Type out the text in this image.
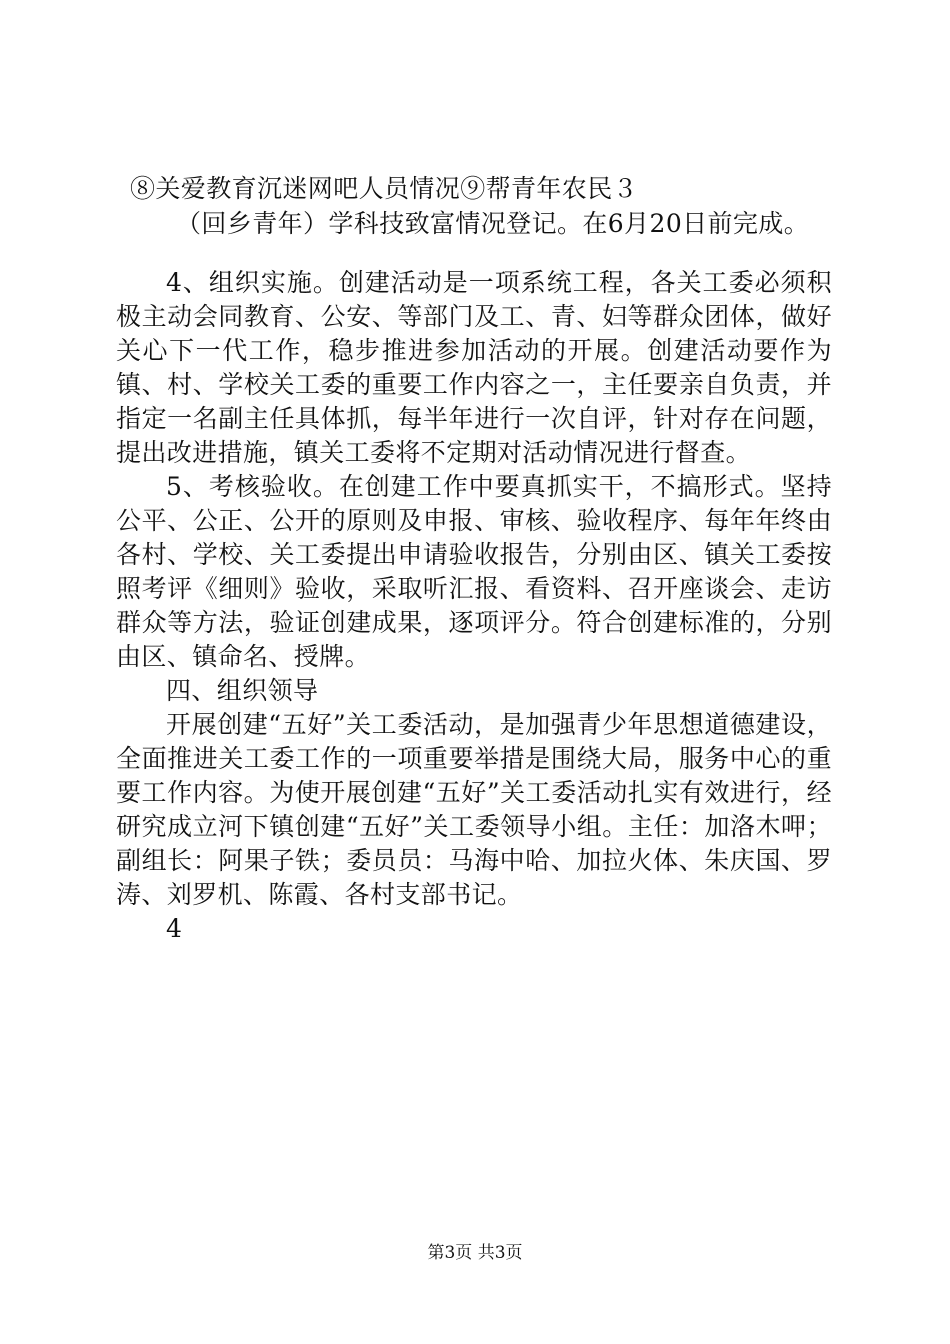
⑧关爱教育沉迷网吧人员情况⑨帮青年农民３
（回乡青年）学科技致富情况登记。在6月20日前完成。

4、组织实施。创建活动是一项系统工程，各关工委必须积极主动会同教育、公安、等部门及工、青、妇等群众团体，做好关心下一代工作，稳步推进参加活动的开展。创建活动要作为镇、村、学校关工委的重要工作内容之一，主任要亲自负责，并指定一名副主任具体抓，每半年进行一次自评，针对存在问题，提出改进措施，镇关工委将不定期对活动情况进行督查。

5、考核验收。在创建工作中要真抓实干，不搞形式。坚持公平、公正、公开的原则及申报、审核、验收程序、每年年终由各村、学校、关工委提出申请验收报告，分别由区、镇关工委按照考评《细则》验收，采取听汇报、看资料、召开座谈会、走访群众等方法，验证创建成果，逐项评分。符合创建标准的，分别由区、镇命名、授牌。

四、组织领导

开展创建“五好”关工委活动，是加强青少年思想道德建设，全面推进关工委工作的一项重要举措是围绕大局，服务中心的重要工作内容。为使开展创建“五好”关工委活动扎实有效进行，经研究成立河下镇创建“五好”关工委领导小组。主任：加洛木呷；副组长：阿果子铁；委员员：马海中哈、加拉火体、朱庆国、罗涛、刘罗机、陈霞、各村支部书记。

4

第3页 共3页
